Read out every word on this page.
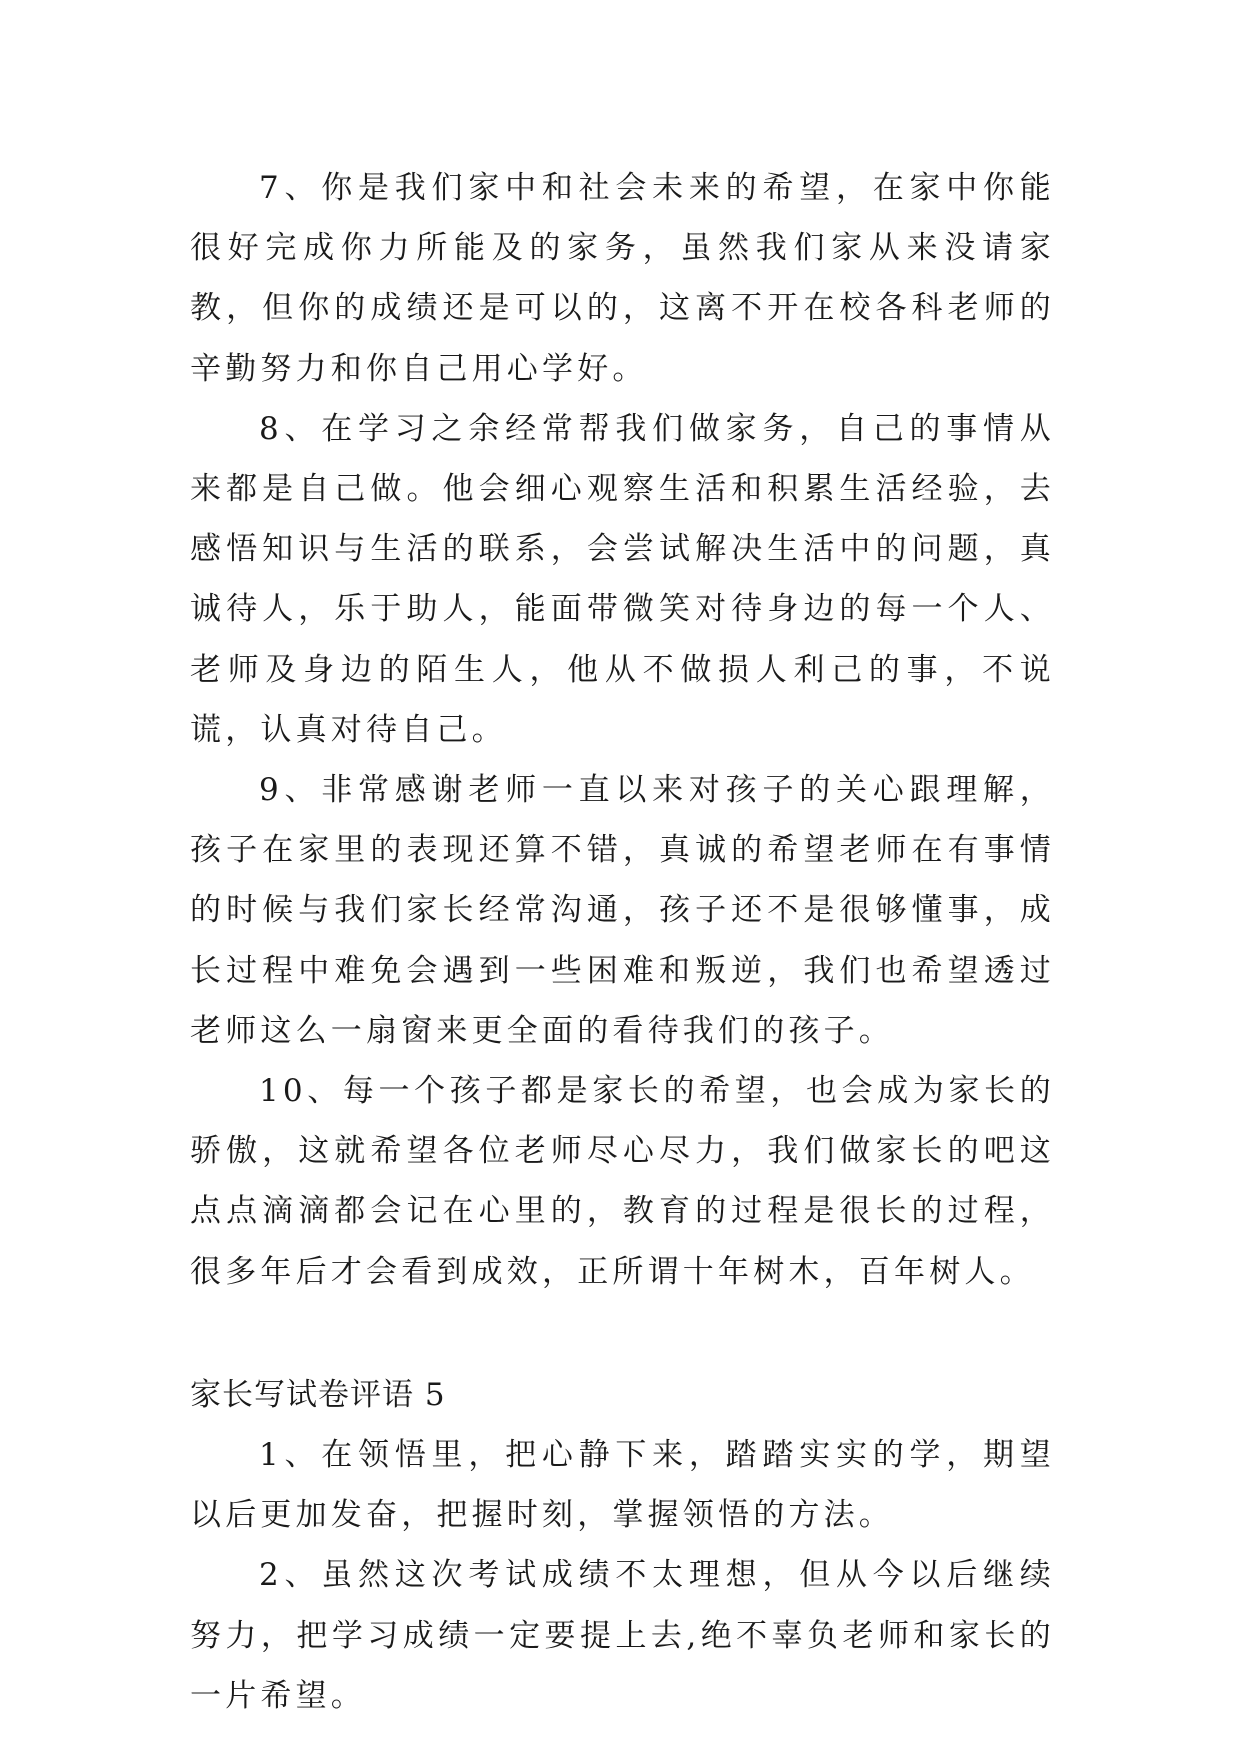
7、你是我们家中和社会未来的希望，在家中你能很好完成你力所能及的家务，虽然我们家从来没请家教，但你的成绩还是可以的，这离不开在校各科老师的辛勤努力和你自己用心学好。

8、在学习之余经常帮我们做家务，自己的事情从来都是自己做。他会细心观察生活和积累生活经验，去感悟知识与生活的联系，会尝试解决生活中的问题，真诚待人，乐于助人，能面带微笑对待身边的每一个人、老师及身边的陌生人，他从不做损人利己的事，不说谎，认真对待自己。

9、非常感谢老师一直以来对孩子的关心跟理解，孩子在家里的表现还算不错，真诚的希望老师在有事情的时候与我们家长经常沟通，孩子还不是很够懂事，成长过程中难免会遇到一些困难和叛逆，我们也希望透过老师这么一扇窗来更全面的看待我们的孩子。

10、每一个孩子都是家长的希望，也会成为家长的骄傲，这就希望各位老师尽心尽力，我们做家长的吧这点点滴滴都会记在心里的，教育的过程是很长的过程，很多年后才会看到成效，正所谓十年树木，百年树人。

家长写试卷评语 5

1、在领悟里，把心静下来，踏踏实实的学，期望以后更加发奋，把握时刻，掌握领悟的方法。

2、虽然这次考试成绩不太理想，但从今以后继续努力，把学习成绩一定要提上去,绝不辜负老师和家长的一片希望。
